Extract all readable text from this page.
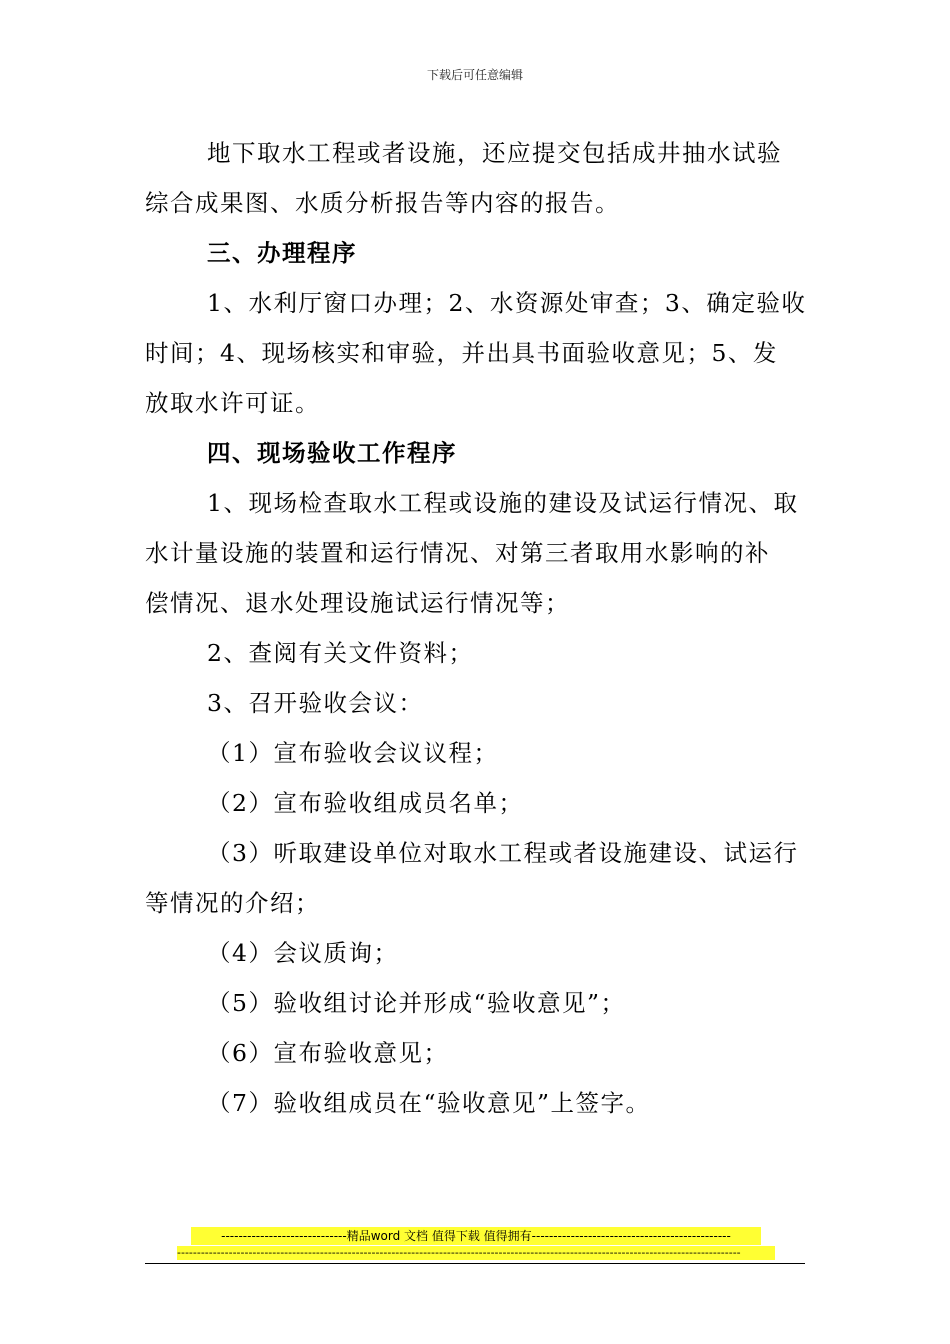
下载后可任意编辑
地下取水工程或者设施，还应提交包括成井抽水试验
综合成果图、水质分析报告等内容的报告。
三、办理程序
1、水利厅窗口办理；2、水资源处审查；3、确定验收
时间；4、现场核实和审验，并出具书面验收意见；5、发
放取水许可证。
四、现场验收工作程序
1、现场检查取水工程或设施的建设及试运行情况、取
水计量设施的装置和运行情况、对第三者取用水影响的补
偿情况、退水处理设施试运行情况等；
2、查阅有关文件资料；
3、召开验收会议：
（1）宣布验收会议议程；
（2）宣布验收组成员名单；
（3）听取建设单位对取水工程或者设施建设、试运行
等情况的介绍；
（4）会议质询；
（5）验收组讨论并形成“验收意见”；
（6）宣布验收意见；
（7）验收组成员在“验收意见”上签字。
-----------------------------精品word 文档 值得下载 值得拥有----------------------------------------------
----------------------------------------------------------------------------------------------------------------------------------------------
